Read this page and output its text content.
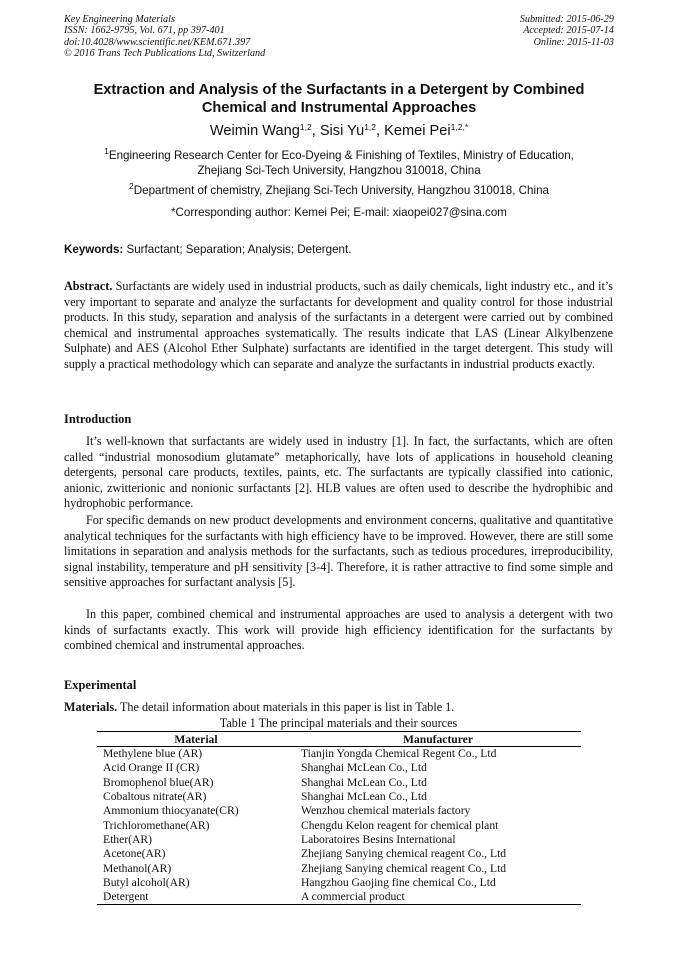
Key Engineering Materials
ISSN: 1662-9795, Vol. 671, pp 397-401
doi:10.4028/www.scientific.net/KEM.671.397
© 2016 Trans Tech Publications Ltd, Switzerland
Submitted: 2015-06-29
Accepted: 2015-07-14
Online: 2015-11-03
Extraction and Analysis of the Surfactants in a Detergent by Combined
Chemical and Instrumental Approaches
Weimin Wang$^{1,2}$, Sisi Yu$^{1,2}$, Kemei Pei$^{1,2,*}$
$^1$Engineering Research Center for Eco-Dyeing & Finishing of Textiles, Ministry of Education,
Zhejiang Sci-Tech University, Hangzhou 310018, China
$^2$Department of chemistry, Zhejiang Sci-Tech University, Hangzhou 310018, China
*Corresponding author: Kemei Pei; E-mail: xiaopei027@sina.com
Keywords: Surfactant; Separation; Analysis; Detergent.

Abstract. Surfactants are widely used in industrial products, such as daily chemicals, light industry etc., and it’s very important to separate and analyze the surfactants for development and quality control for those industrial products. In this study, separation and analysis of the surfactants in a detergent were carried out by combined chemical and instrumental approaches systematically. The results indicate that LAS (Linear Alkylbenzene Sulphate) and AES (Alcohol Ether Sulphate) surfactants are identified in the target detergent. This study will supply a practical methodology which can separate and analyze the surfactants in industrial products exactly.

Introduction

It’s well-known that surfactants are widely used in industry [1]. In fact, the surfactants, which are often called “industrial monosodium glutamate” metaphorically, have lots of applications in household cleaning detergents, personal care products, textiles, paints, etc. The surfactants are typically classified into cationic, anionic, zwitterionic and nonionic surfactants [2]. HLB values are often used to describe the hydrophibic and hydrophobic performance.

For specific demands on new product developments and environment concerns, qualitative and quantitative analytical techniques for the surfactants with high efficiency have to be improved. However, there are still some limitations in separation and analysis methods for the surfactants, such as tedious procedures, irreproducibility, signal instability, temperature and pH sensitivity [3-4]. Therefore, it is rather attractive to find some simple and sensitive approaches for surfactant analysis [5].

In this paper, combined chemical and instrumental approaches are used to analysis a detergent with two kinds of surfactants exactly. This work will provide high efficiency identification for the surfactants by combined chemical and instrumental approaches.

Experimental

Materials. The detail information about materials in this paper is list in Table 1.

Table 1 The principal materials and their sources
Material	Manufacturer
Methylene blue (AR)	Tianjin Yongda Chemical Regent Co., Ltd
Acid Orange II (CR)	Shanghai McLean Co., Ltd
Bromophenol blue(AR)	Shanghai McLean Co., Ltd
Cobaltous nitrate(AR)	Shanghai McLean Co., Ltd
Ammonium thiocyanate(CR)	Wenzhou chemical materials factory
Trichloromethane(AR)	Chengdu Kelon reagent for chemical plant
Ether(AR)	Laboratoires Besins International
Acetone(AR)	Zhejiang Sanying chemical reagent Co., Ltd
Methanol(AR)	Zhejiang Sanying chemical reagent Co., Ltd
Butyl alcohol(AR)	Hangzhou Gaojing fine chemical Co., Ltd
Detergent	A commercial product
